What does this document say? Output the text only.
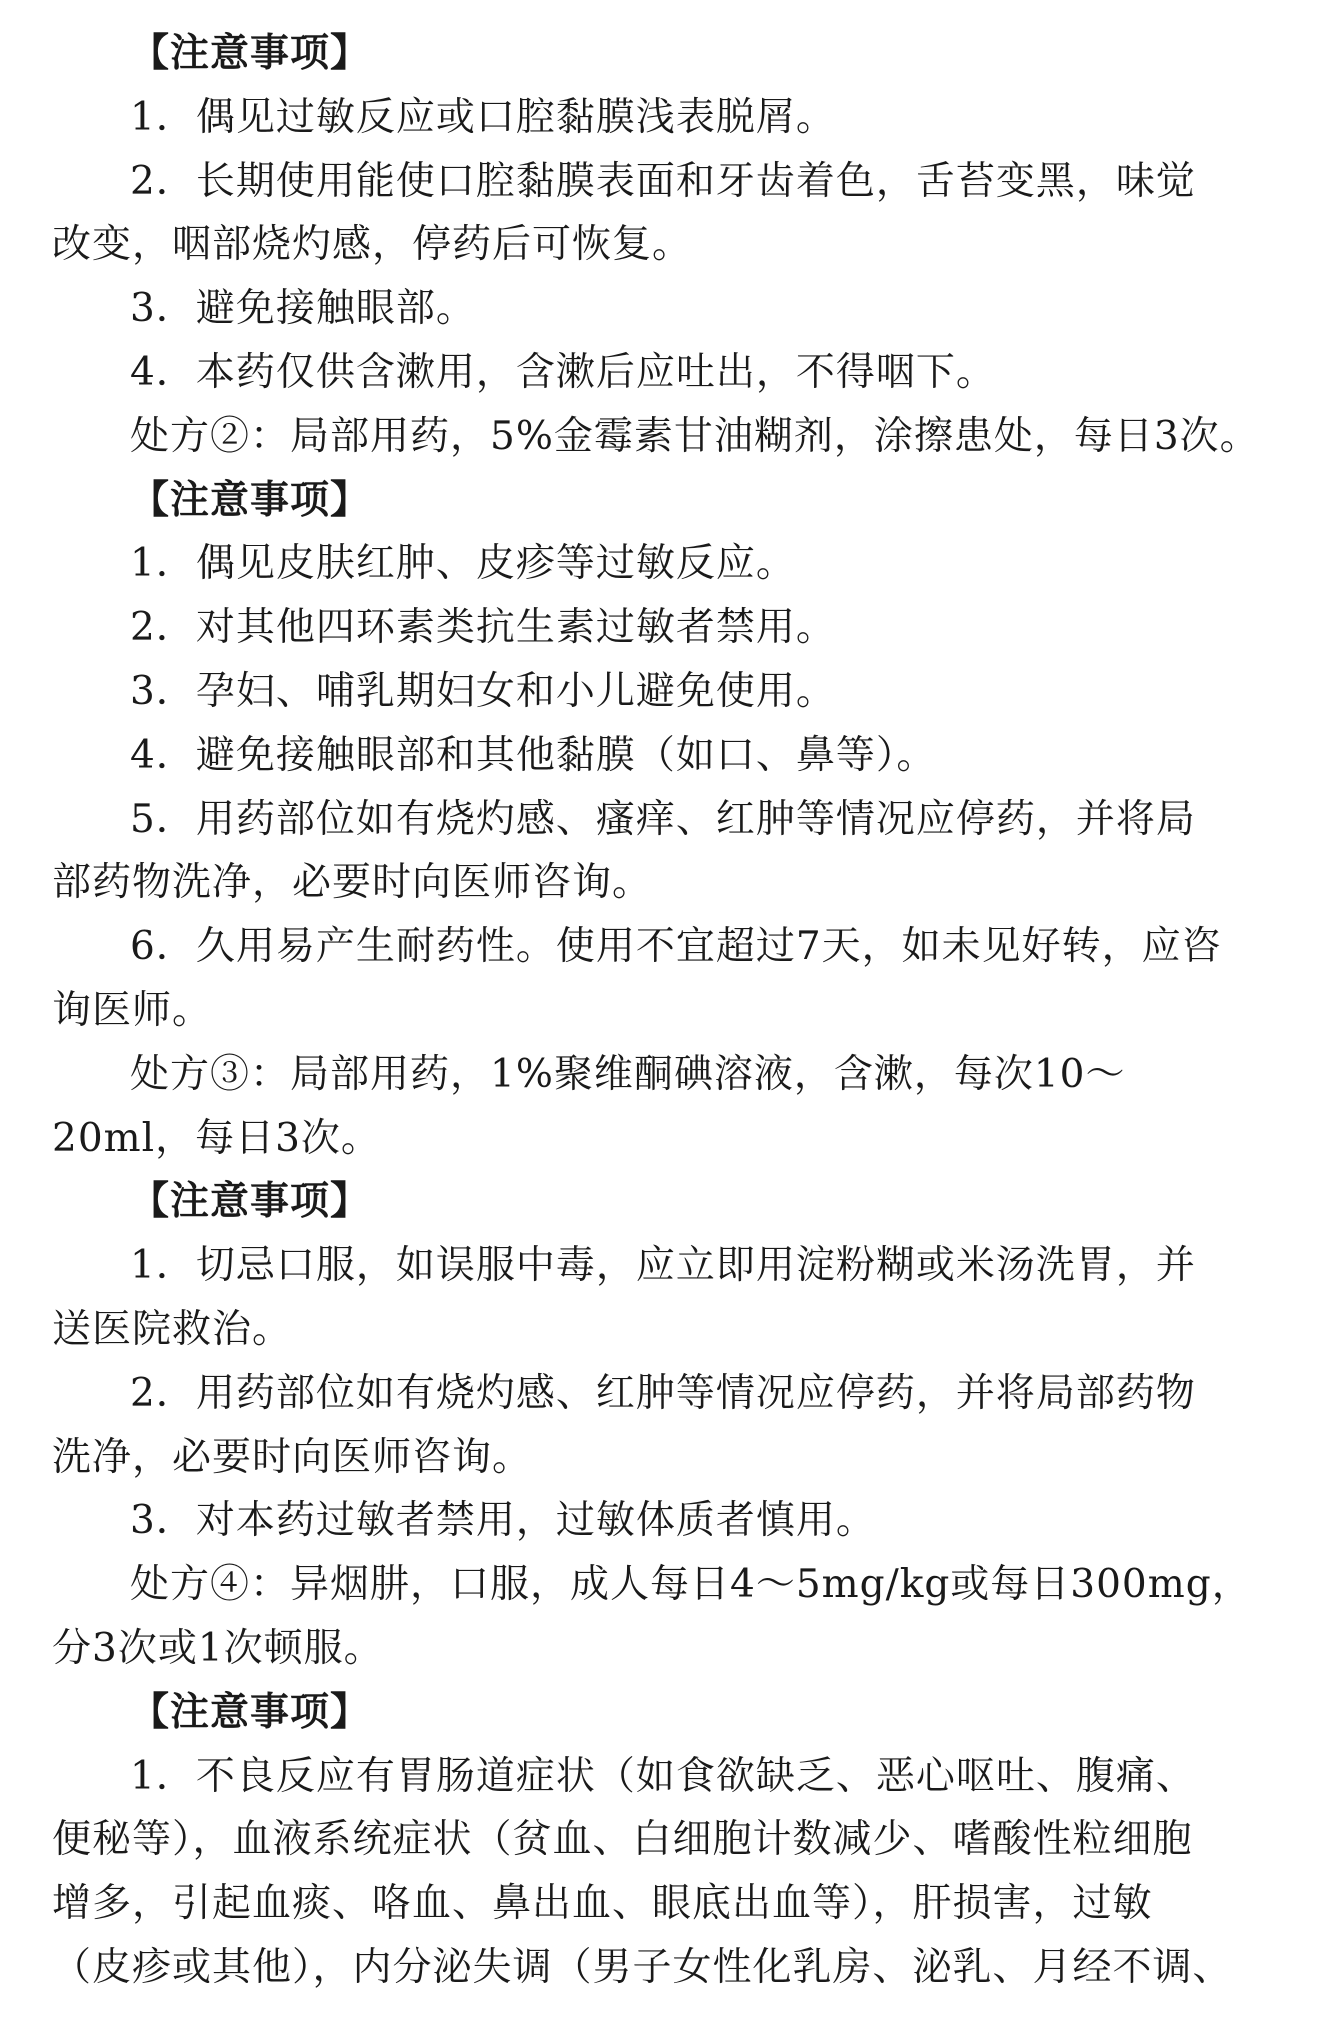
【注意事项】
1．偶见过敏反应或口腔黏膜浅表脱屑。
2．长期使用能使口腔黏膜表面和牙齿着色，舌苔变黑，味觉
改变，咽部烧灼感，停药后可恢复。
3．避免接触眼部。
4．本药仅供含漱用，含漱后应吐出，不得咽下。
处方②：局部用药，5%金霉素甘油糊剂，涂擦患处，每日3次。
【注意事项】
1．偶见皮肤红肿、皮疹等过敏反应。
2．对其他四环素类抗生素过敏者禁用。
3．孕妇、哺乳期妇女和小儿避免使用。
4．避免接触眼部和其他黏膜（如口、鼻等）。
5．用药部位如有烧灼感、瘙痒、红肿等情况应停药，并将局
部药物洗净，必要时向医师咨询。
6．久用易产生耐药性。使用不宜超过7天，如未见好转，应咨
询医师。
处方③：局部用药，1%聚维酮碘溶液，含漱，每次10～
20ml，每日3次。
【注意事项】
1．切忌口服，如误服中毒，应立即用淀粉糊或米汤洗胃，并
送医院救治。
2．用药部位如有烧灼感、红肿等情况应停药，并将局部药物
洗净，必要时向医师咨询。
3．对本药过敏者禁用，过敏体质者慎用。
处方④：异烟肼，口服，成人每日4～5mg/kg或每日300mg，
分3次或1次顿服。
【注意事项】
1．不良反应有胃肠道症状（如食欲缺乏、恶心呕吐、腹痛、
便秘等），血液系统症状（贫血、白细胞计数减少、嗜酸性粒细胞
增多，引起血痰、咯血、鼻出血、眼底出血等），肝损害，过敏
（皮疹或其他），内分泌失调（男子女性化乳房、泌乳、月经不调、
